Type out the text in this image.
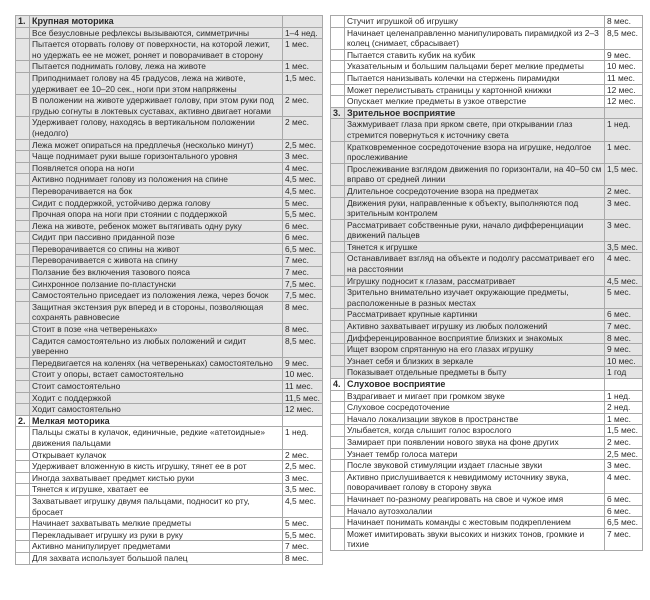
1.	Крупная моторика	
	Все безусловные рефлексы вызываются, симметричны	1–4 нед.
	Пытается оторвать голову от поверхности, на которой лежит, но удержать ее не может, роняет и поворачивает в сторону	1 мес.
	Пытается поднимать голову, лежа на животе	1 мес.
	Приподнимает голову на 45 градусов, лежа на животе, удерживает ее 10–20 сек., ноги при этом напряжены	1,5 мес.
	В положении на животе удерживает голову, при этом руки под грудью согнуты в локтевых суставах, активно двигает ногами	2 мес.
	Удерживает голову, находясь в вертикальном положении (недолго)	2 мес.
	Лежа может опираться на предплечья (несколько минут)	2,5 мес.
	Чаще поднимает руки выше горизонтального уровня	3 мес.
	Появляется опора на ноги	4 мес.
	Активно поднимает голову из положения на спине	4,5 мес.
	Переворачивается на бок	4,5 мес.
	Сидит с поддержкой, устойчиво держа голову	5 мес.
	Прочная опора на ноги при стоянии с поддержкой	5,5 мес.
	Лежа на животе, ребенок может вытягивать одну руку	6 мес.
	Сидит при пассивно приданной позе	6 мес.
	Переворачивается со спины на живот	6,5 мес.
	Переворачивается с живота на спину	7 мес.
	Ползание без включения тазового пояса	7 мес.
	Синхронное ползание по-пластунски	7,5 мес.
	Самостоятельно приседает из положения лежа, через бочок	7,5 мес.
	Защитная экстензия рук вперед и в стороны, позволяющая сохранять равновесие	8 мес.
	Стоит в позе «на четвереньках»	8 мес.
	Садится самостоятельно из любых положений и сидит уверенно	8,5 мес.
	Передвигается на коленях (на четвереньках) самостоятельно	9 мес.
	Стоит у опоры, встает самостоятельно	10 мес.
	Стоит самостоятельно	11 мес.
	Ходит с поддержкой	11,5 мес.
	Ходит самостоятельно	12 мес.
2.	Мелкая моторика	
	Пальцы сжаты в кулачок, единичные, редкие «атетоидные» движения пальцами	1 нед.
	Открывает кулачок	2 мес.
	Удерживает вложенную в кисть игрушку, тянет ее в рот	2,5 мес.
	Иногда захватывает предмет кистью руки	3 мес.
	Тянется к игрушке, хватает ее	3,5 мес.
	Захватывает игрушку двумя пальцами, подносит ко рту, бросает	4,5 мес.
	Начинает захватывать мелкие предметы	5 мес.
	Перекладывает игрушку из руки в руку	5,5 мес.
	Активно манипулирует предметами	7 мес.
	Для захвата использует большой палец	8 мес.
	Стучит игрушкой об игрушку	8 мес.
	Начинает целенаправленно манипулировать пирамидкой из 2–3 колец (снимает, сбрасывает)	8,5 мес.
	Пытается ставить кубик на кубик	9 мес.
	Указательным и большим пальцами берет мелкие предметы	10 мес.
	Пытается нанизывать колечки на стержень пирамидки	11 мес.
	Может перелистывать страницы у картонной книжки	12 мес.
	Опускает мелкие предметы в узкое отверстие	12 мес.
3.	Зрительное восприятие	
	Зажмуривает глаза при ярком свете, при открывании глаз стремится повернуться к источнику света	1 нед.
	Кратковременное сосредоточение взора на игрушке, недолгое прослеживание	1 мес.
	Прослеживание взглядом движения по горизонтали, на 40–50 см вправо от средней линии	1,5 мес.
	Длительное сосредоточение взора на предметах	2 мес.
	Движения руки, направленные к объекту, выполняются под зрительным контролем	3 мес.
	Рассматривает собственные руки, начало дифференциации движений пальцев	3 мес.
	Тянется к игрушке	3,5 мес.
	Останавливает взгляд на объекте и подолгу рассматривает его на расстоянии	4 мес.
	Игрушку подносит к глазам, рассматривает	4,5 мес.
	Зрительно внимательно изучает окружающие предметы, расположенные в разных местах	5 мес.
	Рассматривает крупные картинки	6 мес.
	Активно захватывает игрушку из любых положений	7 мес.
	Дифференцированное восприятие близких и знакомых	8 мес.
	Ищет взором спрятанную на его глазах игрушку	9 мес.
	Узнает себя и близких в зеркале	10 мес.
	Показывает отдельные предметы в быту	1 год
4.	Слуховое восприятие	
	Вздрагивает и мигает при громком звуке	1 нед.
	Слуховое сосредоточение	2 нед.
	Начало локализации звуков в пространстве	1 мес.
	Улыбается, когда слышит голос взрослого	1,5 мес.
	Замирает при появлении нового звука на фоне других	2 мес.
	Узнает тембр голоса матери	2,5 мес.
	После звуковой стимуляции издает гласные звуки	3 мес.
	Активно прислушивается к невидимому источнику звука, поворачивает голову в сторону звука	4 мес.
	Начинает по-разному реагировать на свое и чужое имя	6 мес.
	Начало аутоэхолалии	6 мес.
	Начинает понимать команды с жестовым подкреплением	6,5 мес.
	Может имитировать звуки высоких и низких тонов, громкие и тихие	7 мес.
